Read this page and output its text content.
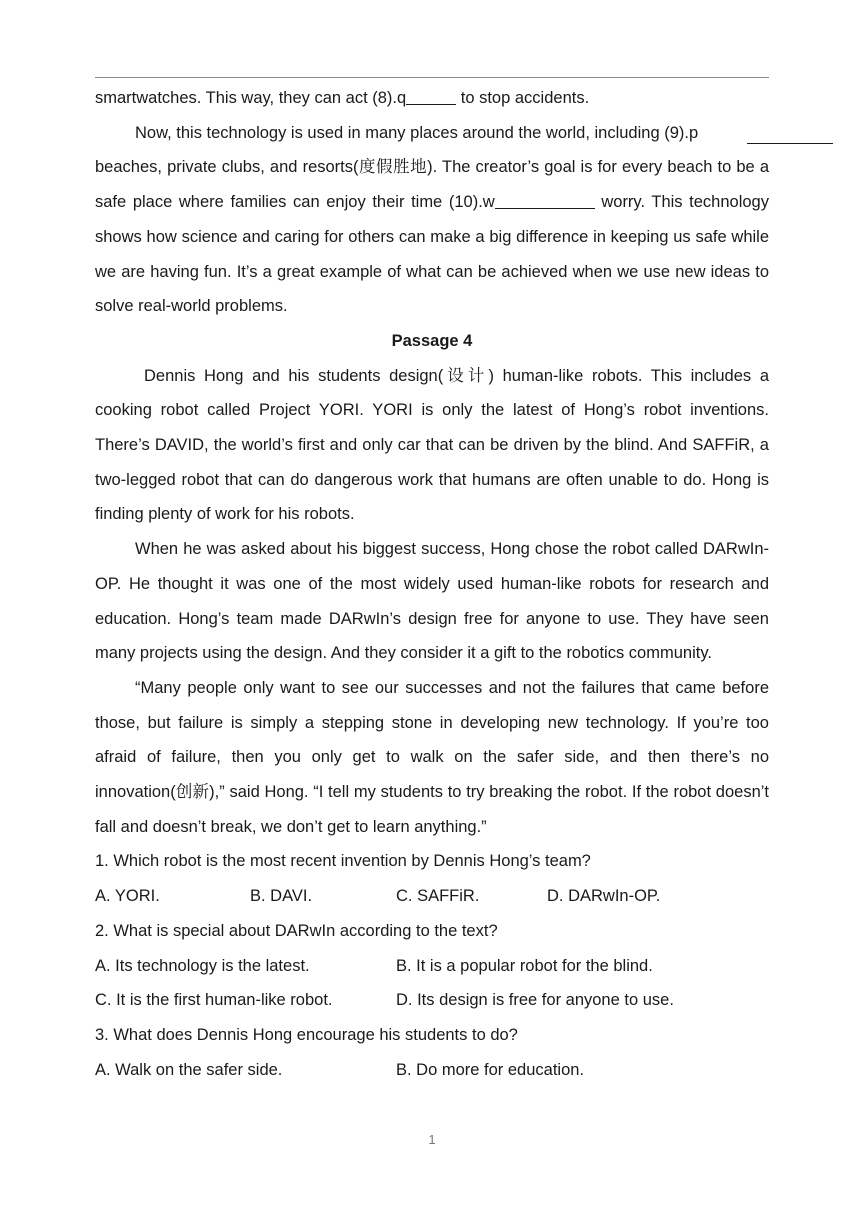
smartwatches. This way, they can act (8).q	to stop accidents.

Now, this technology is used in many places around the world, including (9).p

beaches, private clubs, and resorts(度假胜地). The creator’s goal is for every beach to be a safe place where families can enjoy their time (10).w	worry. This technology shows how science and caring for others can make a big difference in keeping us safe while we are having fun. It’s a great example of what can be achieved when we use new ideas to solve real-world problems.

Passage 4

Dennis Hong and his students design(设计) human-like robots. This includes a cooking robot called Project YORI. YORI is only the latest of Hong’s robot inventions. There’s DAVID, the world’s first and only car that can be driven by the blind. And SAFFiR, a two-legged robot that can do dangerous work that humans are often unable to do. Hong is finding plenty of work for his robots.

When he was asked about his biggest success, Hong chose the robot called DARwIn-OP. He thought it was one of the most widely used human-like robots for research and education. Hong’s team made DARwIn’s design free for anyone to use. They have seen many projects using the design. And they consider it a gift to the robotics community.

“Many people only want to see our successes and not the failures that came before those, but failure is simply a stepping stone in developing new technology. If you’re too afraid of failure, then you only get to walk on the safer side, and then there’s no innovation(创新),” said Hong. “I tell my students to try breaking the robot. If the robot doesn’t fall and doesn’t break, we don’t get to learn anything.”

1. Which robot is the most recent invention by Dennis Hong’s team?

A. YORI.	B. DAVI.	C. SAFFiR.	D. DARwIn-OP.

2. What is special about DARwIn according to the text?

A. Its technology is the latest.	B. It is a popular robot for the blind.
C. It is the first human-like robot.	D. Its design is free for anyone to use.

3. What does Dennis Hong encourage his students to do?

A. Walk on the safer side.	B. Do more for education.
1
